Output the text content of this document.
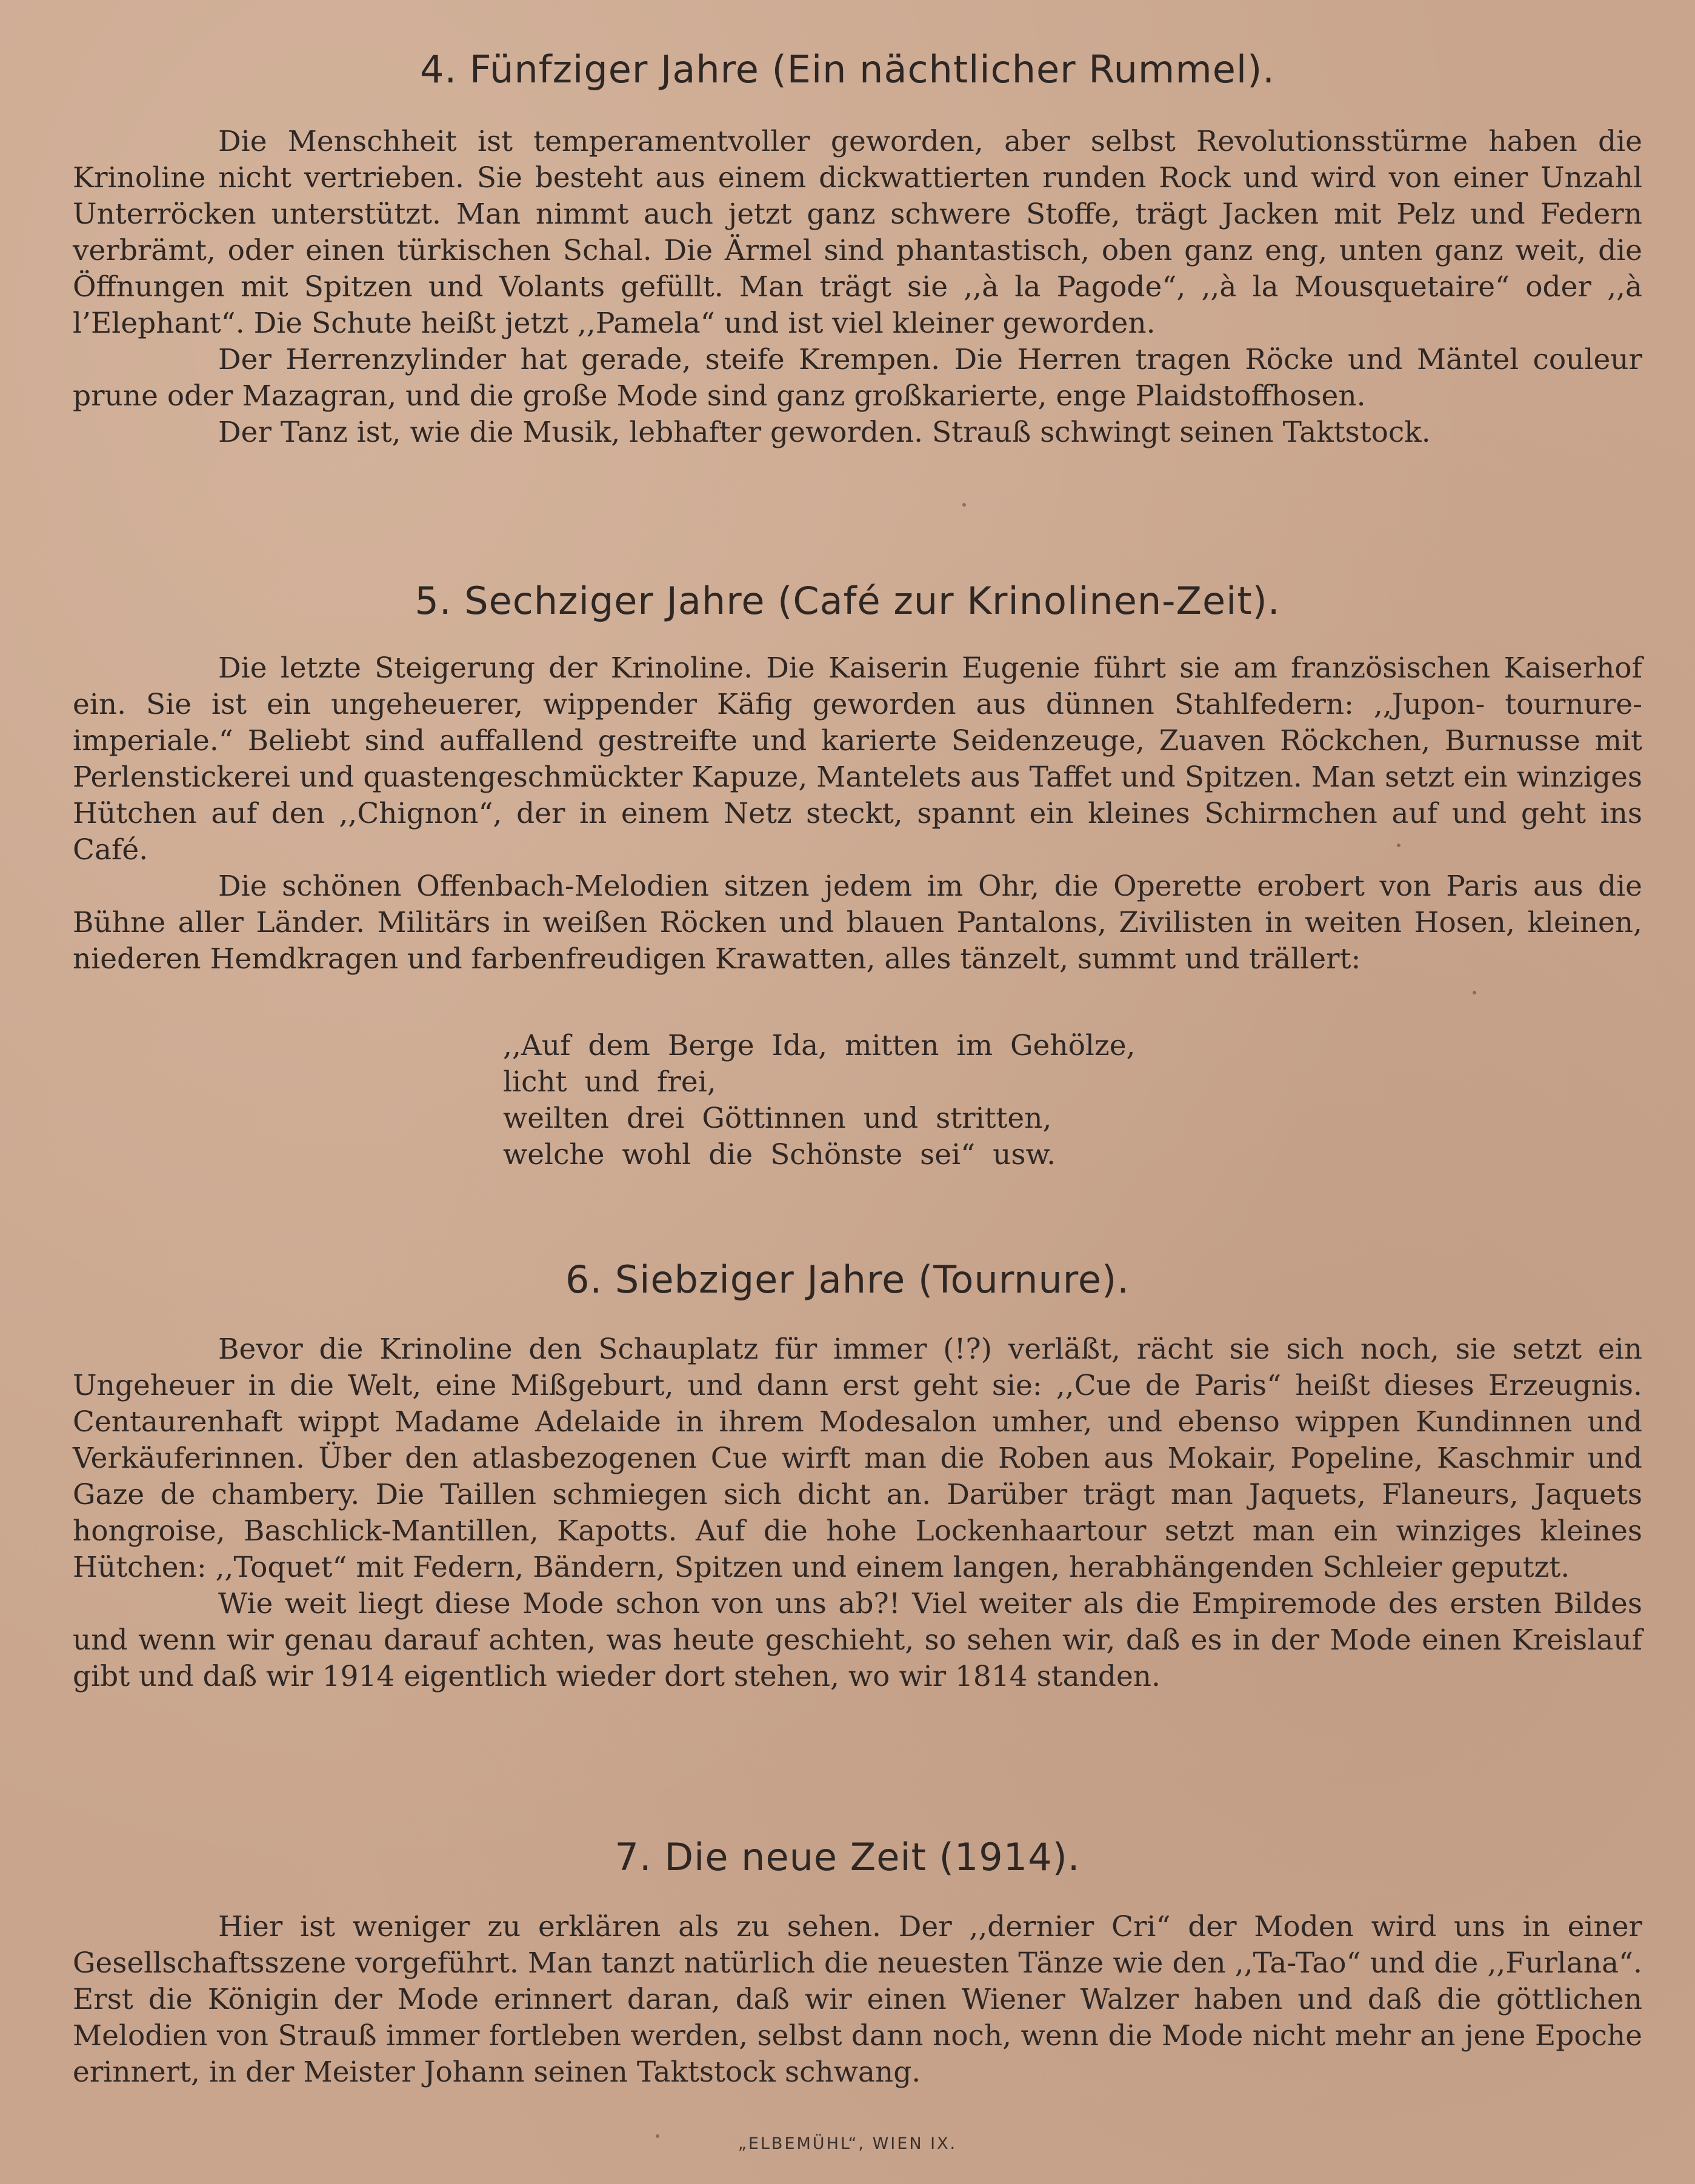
4. Fünfziger Jahre (Ein nächtlicher Rummel).

Die Menschheit ist temperamentvoller geworden, aber selbst Revolutionsstürme haben die Krinoline nicht vertrieben. Sie besteht aus einem dickwattierten runden Rock und wird von einer Unzahl Unterröcken unterstützt. Man nimmt auch jetzt ganz schwere Stoffe, trägt Jacken mit Pelz und Federn verbrämt, oder einen türkischen Schal. Die Ärmel sind phantastisch, oben ganz eng, unten ganz weit, die Öffnungen mit Spitzen und Volants gefüllt. Man trägt sie ,,à la Pagode“, ,,à la Mousquetaire“ oder ,,à l’Elephant“. Die Schute heißt jetzt ,,Pamela“ und ist viel kleiner geworden.

Der Herrenzylinder hat gerade, steife Krempen. Die Herren tragen Röcke und Mäntel couleur prune oder Mazagran, und die große Mode sind ganz großkarierte, enge Plaidstoffhosen.

Der Tanz ist, wie die Musik, lebhafter geworden. Strauß schwingt seinen Taktstock.

5. Sechziger Jahre (Café zur Krinolinen-Zeit).

Die letzte Steigerung der Krinoline. Die Kaiserin Eugenie führt sie am französischen Kaiserhof ein. Sie ist ein ungeheuerer, wippender Käfig geworden aus dünnen Stahlfedern: ,,Jupon- tournure-imperiale.“ Beliebt sind auffallend gestreifte und karierte Seidenzeuge, Zuaven Röckchen, Burnusse mit Perlenstickerei und quastengeschmückter Kapuze, Mantelets aus Taffet und Spitzen. Man setzt ein winziges Hütchen auf den ,,Chignon“, der in einem Netz steckt, spannt ein kleines Schirmchen auf und geht ins Café.

Die schönen Offenbach-Melodien sitzen jedem im Ohr, die Operette erobert von Paris aus die Bühne aller Länder. Militärs in weißen Röcken und blauen Pantalons, Zivilisten in weiten Hosen, kleinen, niederen Hemdkragen und farbenfreudigen Krawatten, alles tänzelt, summt und trällert:

,,Auf dem Berge Ida, mitten im Gehölze,
licht und frei,
weilten drei Göttinnen und stritten,
welche wohl die Schönste sei“ usw.
6. Siebziger Jahre (Tournure).

Bevor die Krinoline den Schauplatz für immer (!?) verläßt, rächt sie sich noch, sie setzt ein Ungeheuer in die Welt, eine Mißgeburt, und dann erst geht sie: ,,Cue de Paris“ heißt dieses Erzeugnis. Centaurenhaft wippt Madame Adelaide in ihrem Modesalon umher, und ebenso wippen Kundinnen und Verkäuferinnen. Über den atlasbezogenen Cue wirft man die Roben aus Mokair, Popeline, Kaschmir und Gaze de chambery. Die Taillen schmiegen sich dicht an. Darüber trägt man Jaquets, Flaneurs, Jaquets hongroise, Baschlick-Mantillen, Kapotts. Auf die hohe Lockenhaartour setzt man ein winziges kleines Hütchen: ,,Toquet“ mit Federn, Bändern, Spitzen und einem langen, herabhängenden Schleier geputzt.

Wie weit liegt diese Mode schon von uns ab?! Viel weiter als die Empiremode des ersten Bildes und wenn wir genau darauf achten, was heute geschieht, so sehen wir, daß es in der Mode einen Kreislauf gibt und daß wir 1914 eigentlich wieder dort stehen, wo wir 1814 standen.

7. Die neue Zeit (1914).

Hier ist weniger zu erklären als zu sehen. Der ,,dernier Cri“ der Moden wird uns in einer Gesellschaftsszene vorgeführt. Man tanzt natürlich die neuesten Tänze wie den ,,Ta-Tao“ und die ,,Furlana“. Erst die Königin der Mode erinnert daran, daß wir einen Wiener Walzer haben und daß die göttlichen Melodien von Strauß immer fortleben werden, selbst dann noch, wenn die Mode nicht mehr an jene Epoche erinnert, in der Meister Johann seinen Taktstock schwang.

„ELBEMÜHL“, WIEN IX.
